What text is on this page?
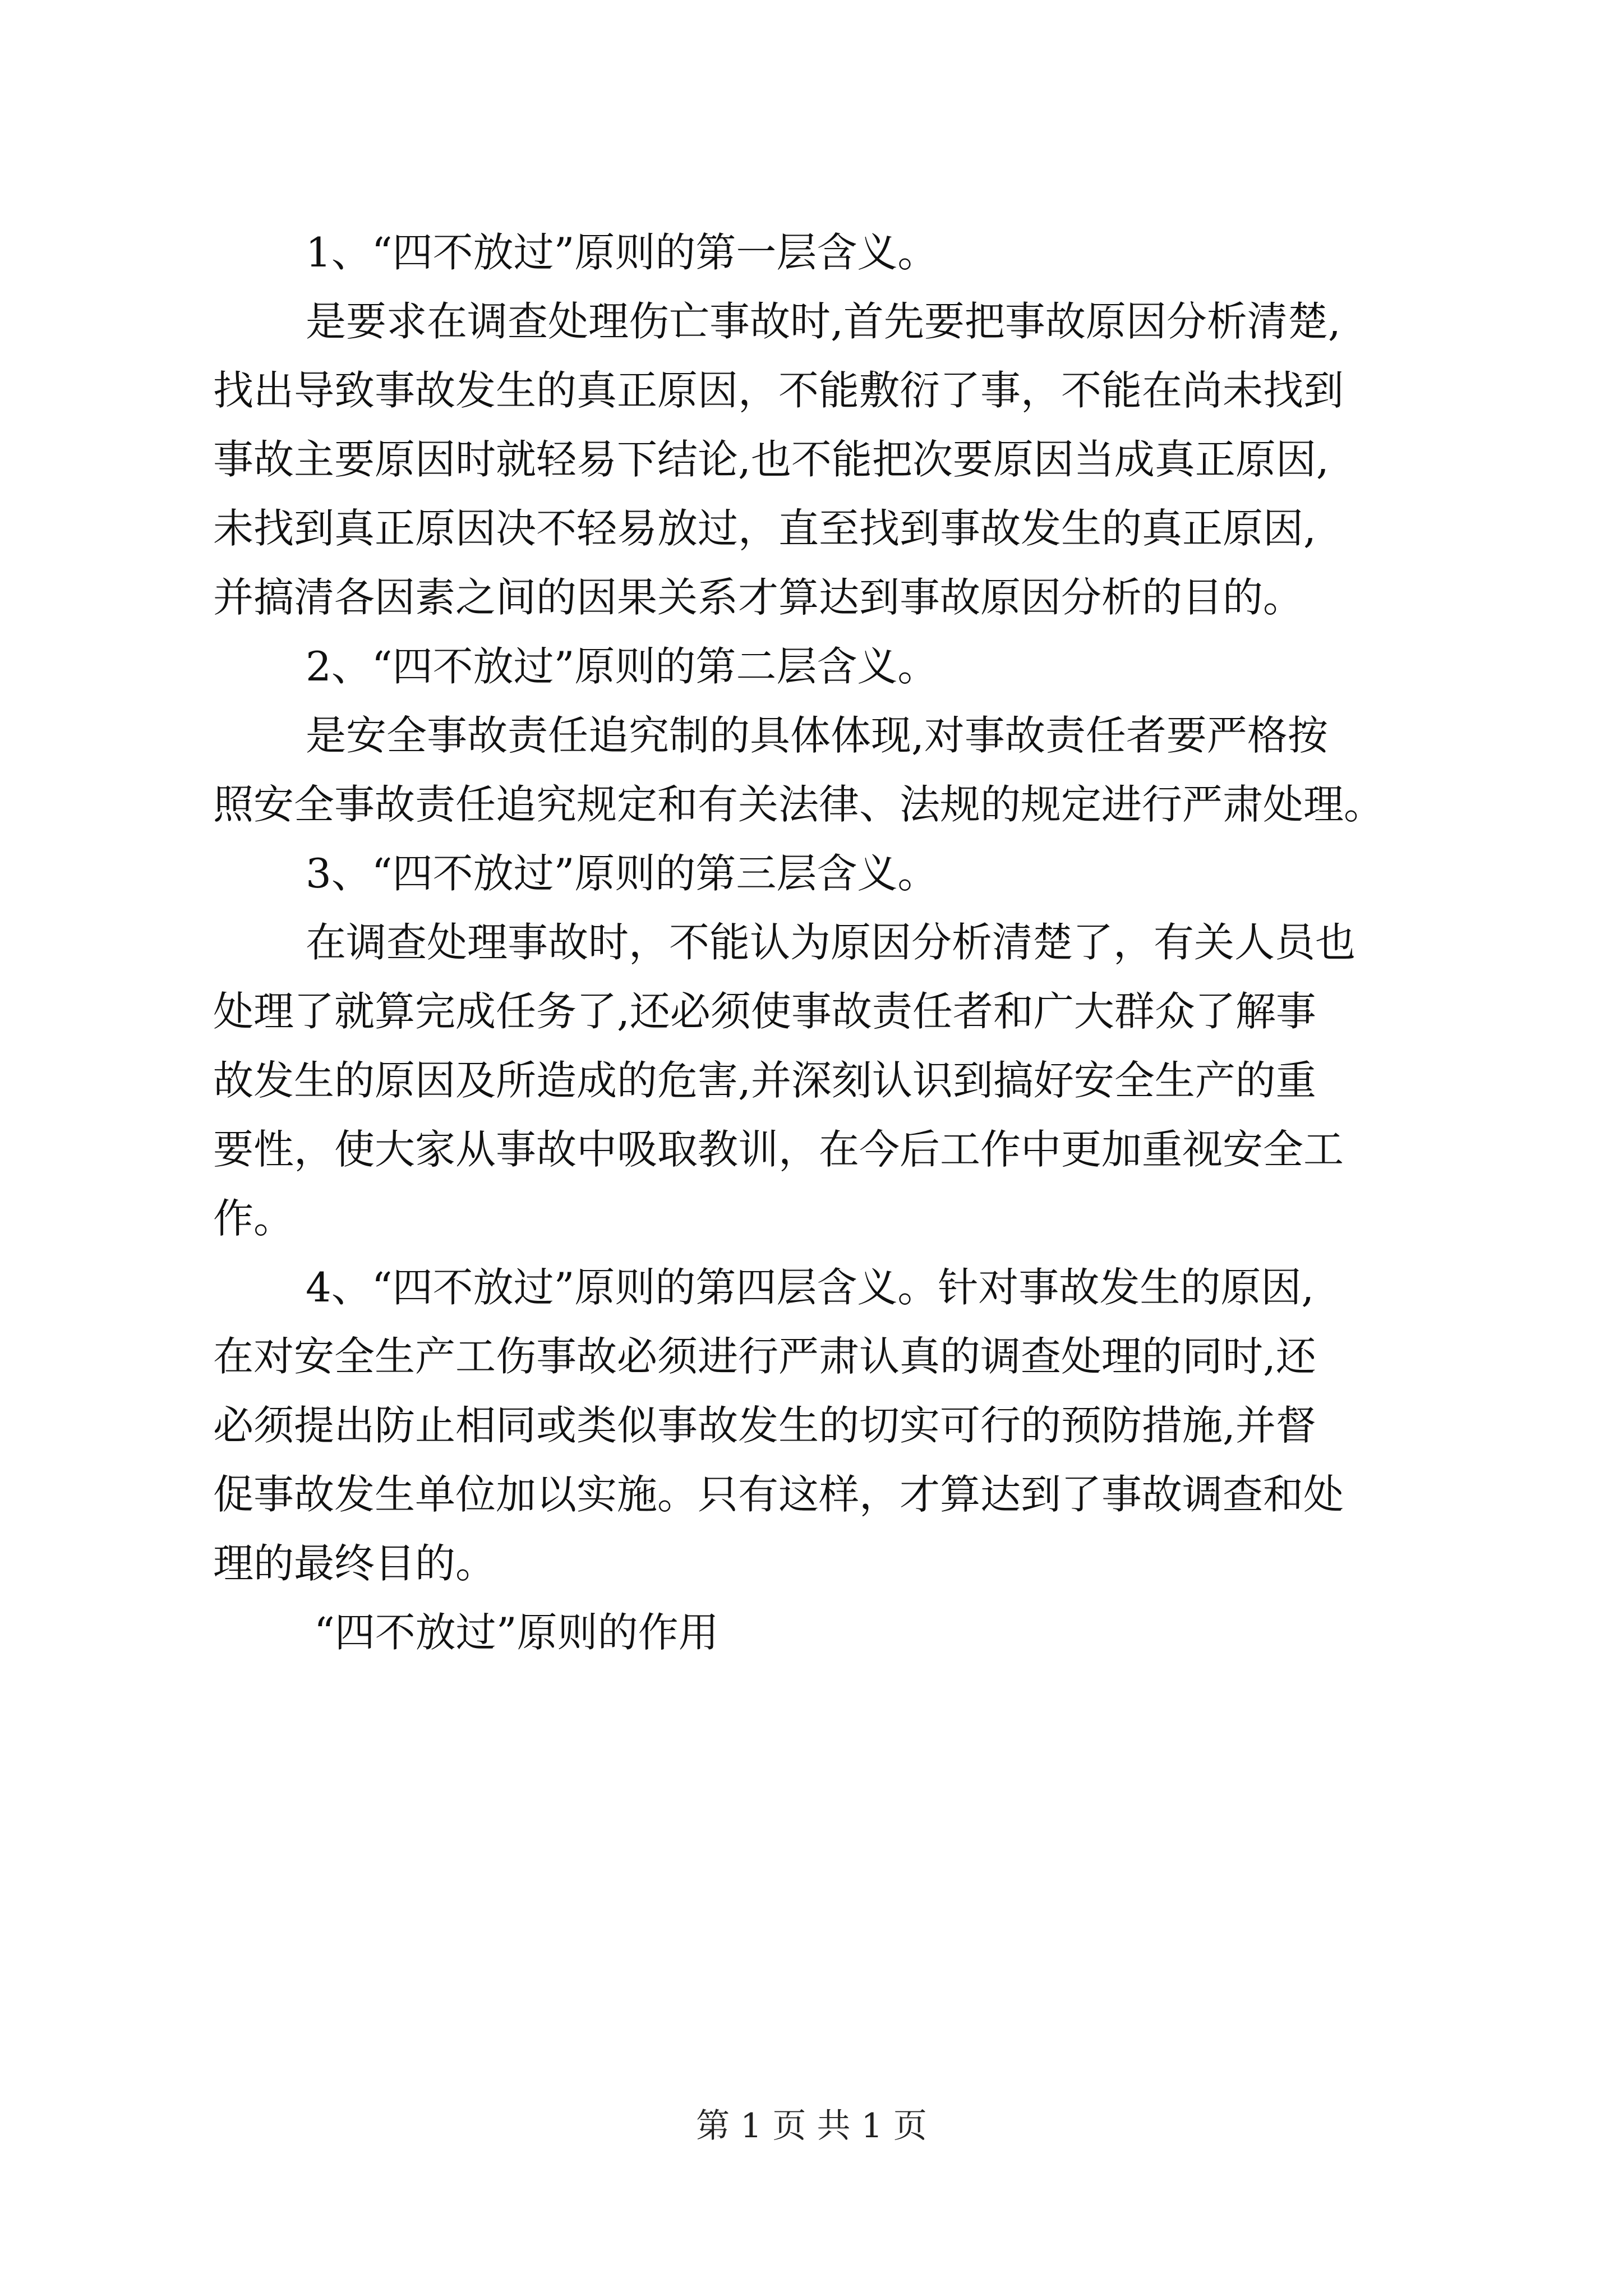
1、“四不放过”原则的第一层含义。
是要求在调查处理伤亡事故时,首先要把事故原因分析清楚,
找出导致事故发生的真正原因，不能敷衍了事，不能在尚未找到
事故主要原因时就轻易下结论,也不能把次要原因当成真正原因,
未找到真正原因决不轻易放过，直至找到事故发生的真正原因,
并搞清各因素之间的因果关系才算达到事故原因分析的目的。
2、“四不放过”原则的第二层含义。
是安全事故责任追究制的具体体现,对事故责任者要严格按
照安全事故责任追究规定和有关法律、法规的规定进行严肃处理。
3、“四不放过”原则的第三层含义。
在调查处理事故时，不能认为原因分析清楚了，有关人员也
处理了就算完成任务了,还必须使事故责任者和广大群众了解事
故发生的原因及所造成的危害,并深刻认识到搞好安全生产的重
要性，使大家从事故中吸取教训，在今后工作中更加重视安全工
作。
4、“四不放过”原则的第四层含义。针对事故发生的原因,
在对安全生产工伤事故必须进行严肃认真的调查处理的同时,还
必须提出防止相同或类似事故发生的切实可行的预防措施,并督
促事故发生单位加以实施。只有这样，才算达到了事故调查和处
理的最终目的。
“四不放过”原则的作用
第 1 页 共 1 页
